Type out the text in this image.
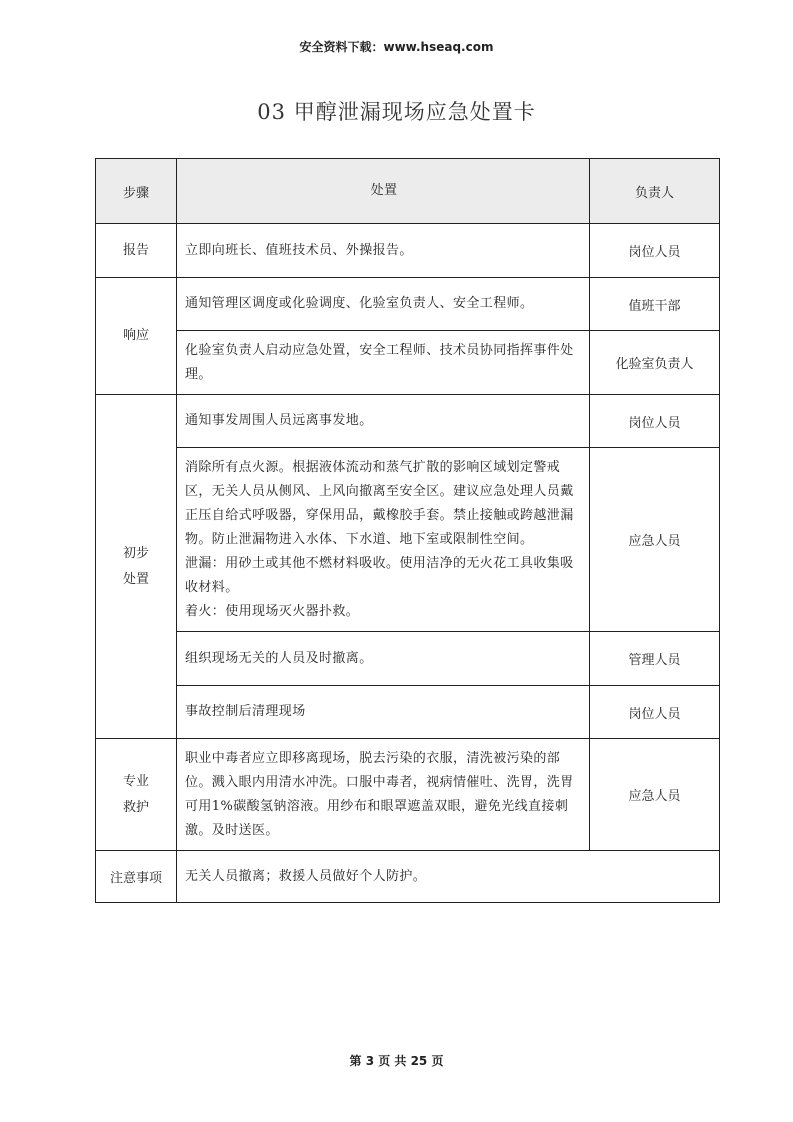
安全资料下载：www.hseaq.com
03 甲醇泄漏现场应急处置卡
步骤	处置	负责人
报告	立即向班长、值班技术员、外操报告。	岗位人员
响应	通知管理区调度或化验调度、化验室负责人、安全工程师。	值班干部
	化验室负责人启动应急处置，安全工程师、技术员协同指挥事件处理。	化验室负责人
初步处置	通知事发周围人员远离事发地。	岗位人员
	消除所有点火源。根据液体流动和蒸气扩散的影响区域划定警戒区，无关人员从侧风、上风向撤离至安全区。建议应急处理人员戴正压自给式呼吸器，穿保用品，戴橡胶手套。禁止接触或跨越泄漏物。防止泄漏物进入水体、下水道、地下室或限制性空间。
泄漏：用砂土或其他不燃材料吸收。使用洁净的无火花工具收集吸收材料。
着火：使用现场灭火器扑救。	应急人员
	组织现场无关的人员及时撤离。	管理人员
	事故控制后清理现场	岗位人员
专业救护	职业中毒者应立即移离现场，脱去污染的衣服，清洗被污染的部位。溅入眼内用清水冲洗。口服中毒者，视病情催吐、洗胃，洗胃可用1%碳酸氢钠溶液。用纱布和眼罩遮盖双眼，避免光线直接刺激。及时送医。	应急人员
注意事项	无关人员撤离；救援人员做好个人防护。	
第 3 页 共 25 页
